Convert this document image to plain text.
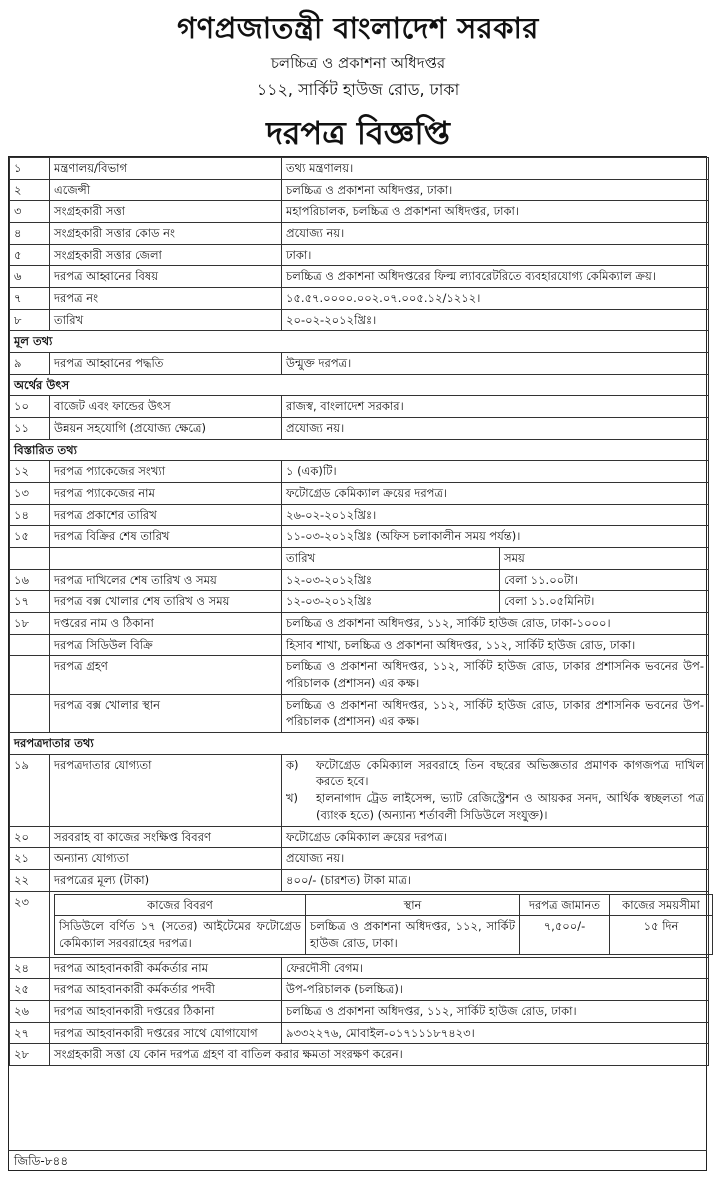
গণপ্রজাতন্ত্রী বাংলাদেশ সরকার
চলচ্চিত্র ও প্রকাশনা অধিদপ্তর
১১২, সার্কিট হাউজ রোড, ঢাকা
দরপত্র বিজ্ঞপ্তি
১	মন্ত্রণালয়/বিভাগ	তথ্য মন্ত্রণালয়।
২	এজেন্সী	চলচ্চিত্র ও প্রকাশনা অধিদপ্তর, ঢাকা।
৩	সংগ্রহকারী সত্তা	মহাপরিচালক, চলচ্চিত্র ও প্রকাশনা অধিদপ্তর, ঢাকা।
৪	সংগ্রহকারী সত্তার কোড নং	প্রযোজ্য নয়।
৫	সংগ্রহকারী সত্তার জেলা	ঢাকা।
৬	দরপত্র আহ্বানের বিষয়	চলচ্চিত্র ও প্রকাশনা অধিদপ্তরের ফিল্ম ল্যাবরেটরিতে ব্যবহারযোগ্য কেমিক্যাল ক্রয়।
৭	দরপত্র নং	১৫.৫৭.০০০০.০০২.০৭.০০৫.১২/১২১২।
৮	তারিখ	২০-০২-২০১২খ্রিঃ।
মূল তথ্য
৯	দরপত্র আহ্বানের পদ্ধতি	উন্মুক্ত দরপত্র।
অর্থের উৎস
১০	বাজেট এবং ফান্ডের উৎস	রাজস্ব, বাংলাদেশ সরকার।
১১	উন্নয়ন সহযোগি (প্রযোজ্য ক্ষেত্রে)	প্রযোজ্য নয়।
বিস্তারিত তথ্য
১২	দরপত্র প্যাকেজের সংখ্যা	১ (এক)টি।
১৩	দরপত্র প্যাকেজের নাম	ফটোগ্রেড কেমিক্যাল ক্রয়ের দরপত্র।
১৪	দরপত্র প্রকাশের তারিখ	২৬-০২-২০১২খ্রিঃ।
১৫	দরপত্র বিক্রির শেষ তারিখ	১১-০৩-২০১২খ্রিঃ (অফিস চলাকালীন সময় পর্যন্ত)।
		তারিখ	সময়
১৬	দরপত্র দাখিলের শেষ তারিখ ও সময়	১২-০৩-২০১২খ্রিঃ	বেলা ১১.০০টা।
১৭	দরপত্র বক্স খোলার শেষ তারিখ ও সময়	১২-০৩-২০১২খ্রিঃ	বেলা ১১.০৫মিনিট।
১৮	দপ্তরের নাম ও ঠিকানা	চলচ্চিত্র ও প্রকাশনা অধিদপ্তর, ১১২, সার্কিট হাউজ রোড, ঢাকা-১০০০।
	দরপত্র সিডিউল বিক্রি	হিসাব শাখা, চলচ্চিত্র ও প্রকাশনা অধিদপ্তর, ১১২, সার্কিট হাউজ রোড, ঢাকা।
	দরপত্র গ্রহণ	চলচ্চিত্র ও প্রকাশনা অধিদপ্তর, ১১২, সার্কিট হাউজ রোড, ঢাকার প্রশাসনিক ভবনের উপ-পরিচালক (প্রশাসন) এর কক্ষ।
	দরপত্র বক্স খোলার স্থান	চলচ্চিত্র ও প্রকাশনা অধিদপ্তর, ১১২, সার্কিট হাউজ রোড, ঢাকার প্রশাসনিক ভবনের উপ-পরিচালক (প্রশাসন) এর কক্ষ।
দরপত্রদাতার তথ্য
১৯	দরপত্রদাতার যোগ্যতা	ক)	ফটোগ্রেড কেমিক্যাল সরবরাহে তিন বছরের অভিজ্ঞতার প্রমাণক কাগজপত্র দাখিল করতে হবে।
খ)	হালনাগাদ ট্রেড লাইসেন্স, ভ্যাট রেজিস্ট্রেশন ও আয়কর সনদ, আর্থিক স্বচ্ছলতা পত্র (ব্যাংক হতে) (অন্যান্য শর্তাবলী সিডিউলে সংযুক্ত)।

২০	সরবরাহ বা কাজের সংক্ষিপ্ত বিবরণ	ফটোগ্রেড কেমিক্যাল ক্রয়ের দরপত্র।
২১	অন্যান্য যোগ্যতা	প্রযোজ্য নয়।
২২	দরপত্রের মূল্য (টাকা)	৪০০/- (চারশত) টাকা মাত্র।
২৩		কাজের বিবরণ	স্থান	দরপত্র জামানত	কাজের সময়সীমা
সিডিউলে বর্ণিত ১৭ (সতের) আইটেমের ফটোগ্রেড কেমিক্যাল সরবরাহের দরপত্র।	চলচ্চিত্র ও প্রকাশনা অধিদপ্তর, ১১২, সার্কিট হাউজ রোড, ঢাকা।	৭,৫০০/-	১৫ দিন

২৪	দরপত্র আহবানকারী কর্মকর্তার নাম	ফেরদৌসী বেগম।
২৫	দরপত্র আহবানকারী কর্মকর্তার পদবী	উপ-পরিচালক (চলচ্চিত্র)।
২৬	দরপত্র আহবানকারী দপ্তরের ঠিকানা	চলচ্চিত্র ও প্রকাশনা অধিদপ্তর, ১১২, সার্কিট হাউজ রোড, ঢাকা।
২৭	দরপত্র আহবানকারী দপ্তরের সাথে যোগাযোগ	৯৩৩২২৭৬, মোবাইল-০১৭১১১৮৭৪২৩।
২৮	সংগ্রহকারী সত্তা যে কোন দরপত্র গ্রহণ বা বাতিল করার ক্ষমতা সংরক্ষণ করেন।
জিডি-৮৪৪
